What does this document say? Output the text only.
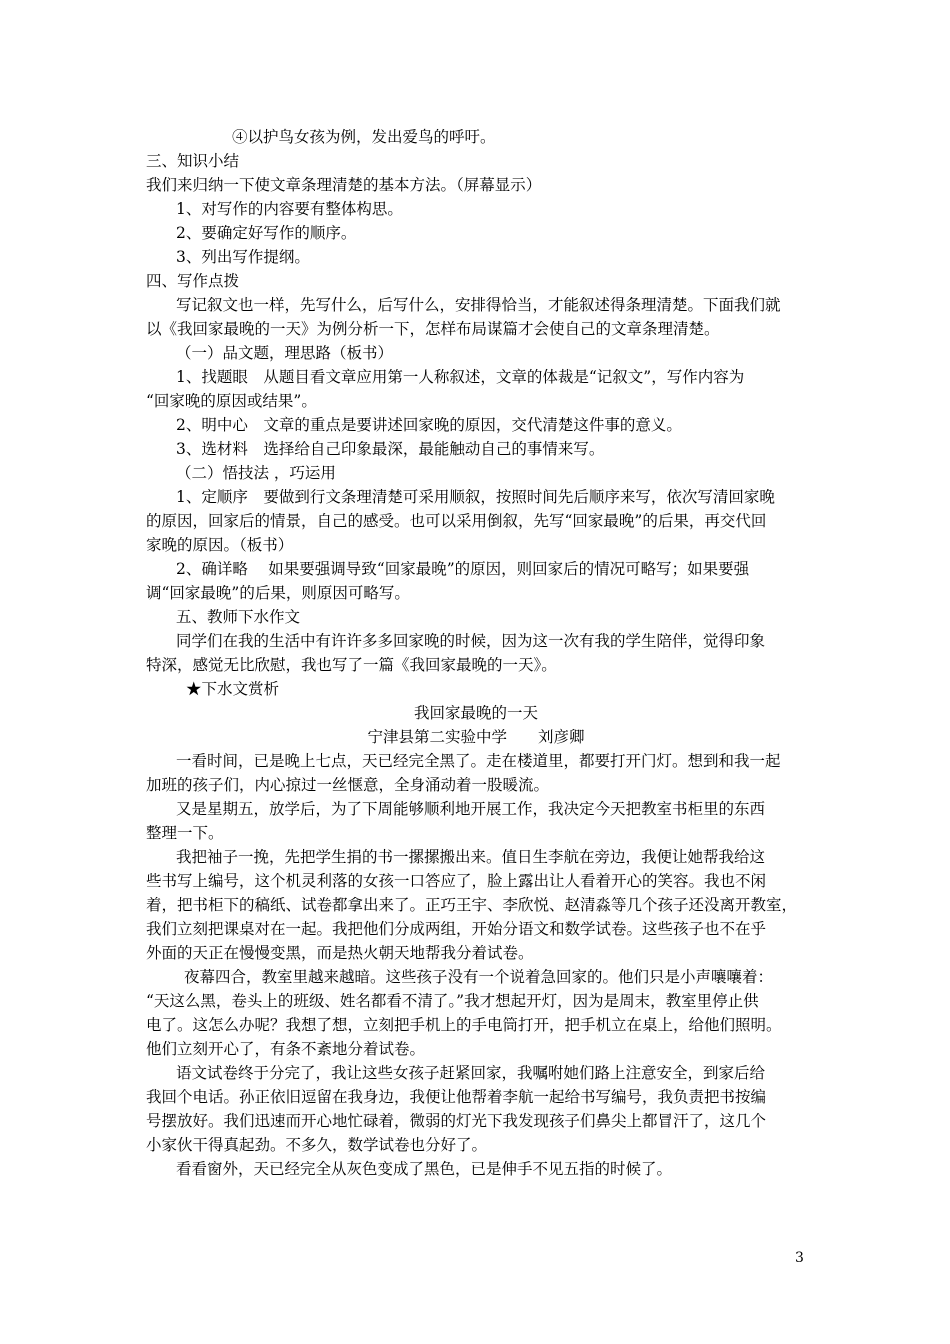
④以护鸟女孩为例，发出爱鸟的呼吁。

三、知识小结

我们来归纳一下使文章条理清楚的基本方法。（屏幕显示）

1、对写作的内容要有整体构思。

2、要确定好写作的顺序。

3、列出写作提纲。

四、写作点拨

写记叙文也一样，先写什么，后写什么，安排得恰当，才能叙述得条理清楚。下面我们就

以《我回家最晚的一天》为例分析一下，怎样布局谋篇才会使自己的文章条理清楚。

（一）品文题，理思路（板书）

1、找题眼　从题目看文章应用第一人称叙述，文章的体裁是“记叙文”，写作内容为

“回家晚的原因或结果”。

2、明中心　文章的重点是要讲述回家晚的原因，交代清楚这件事的意义。

3、选材料　选择给自己印象最深，最能触动自己的事情来写。

（二）悟技法 ，巧运用

1、定顺序　要做到行文条理清楚可采用顺叙，按照时间先后顺序来写，依次写清回家晚

的原因，回家后的情景，自己的感受。也可以采用倒叙，先写“回家最晚”的后果，再交代回

家晚的原因。（板书）

2、确详略　 如果要强调导致“回家最晚”的原因，则回家后的情况可略写；如果要强

调“回家最晚”的后果，则原因可略写。

五、教师下水作文

同学们在我的生活中有许许多多回家晚的时候，因为这一次有我的学生陪伴，觉得印象

特深，感觉无比欣慰，我也写了一篇《我回家最晚的一天》。

★下水文赏析

我回家最晚的一天

宁津县第二实验中学　　刘彦卿

一看时间，已是晚上七点，天已经完全黑了。走在楼道里，都要打开门灯。想到和我一起

加班的孩子们，内心掠过一丝惬意，全身涌动着一股暖流。

又是星期五，放学后，为了下周能够顺利地开展工作，我决定今天把教室书柜里的东西

整理一下。

我把袖子一挽，先把学生捐的书一摞摞搬出来。值日生李航在旁边，我便让她帮我给这

些书写上编号，这个机灵利落的女孩一口答应了，脸上露出让人看着开心的笑容。我也不闲

着，把书柜下的稿纸、试卷都拿出来了。正巧王宇、李欣悦、赵清淼等几个孩子还没离开教室，

我们立刻把课桌对在一起。我把他们分成两组，开始分语文和数学试卷。这些孩子也不在乎

外面的天正在慢慢变黑，而是热火朝天地帮我分着试卷。

夜幕四合，教室里越来越暗。这些孩子没有一个说着急回家的。他们只是小声嚷嚷着：

“天这么黑，卷头上的班级、姓名都看不清了。”我才想起开灯，因为是周末，教室里停止供

电了。这怎么办呢？我想了想，立刻把手机上的手电筒打开，把手机立在桌上，给他们照明。

他们立刻开心了，有条不紊地分着试卷。

语文试卷终于分完了，我让这些女孩子赶紧回家，我嘱咐她们路上注意安全，到家后给

我回个电话。孙正依旧逗留在我身边，我便让他帮着李航一起给书写编号，我负责把书按编

号摆放好。我们迅速而开心地忙碌着，微弱的灯光下我发现孩子们鼻尖上都冒汗了，这几个

小家伙干得真起劲。不多久，数学试卷也分好了。

看看窗外，天已经完全从灰色变成了黑色，已是伸手不见五指的时候了。

3
